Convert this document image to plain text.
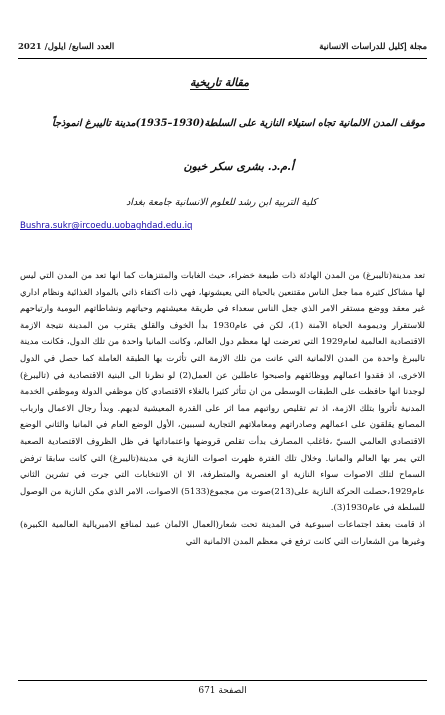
مجلة إكليل للدراسات الانسانية
العدد السابع/ ايلول/ 2021
مقالة تاريخية
موقف المدن الالمانية تجاه استيلاء النازية على السلطة(1930–1935)مدينة تاليبرغ انموذجاً
أ.م.د. بشرى سكر خبون
كلية التربية ابن رشد للعلوم الانسانية جامعة بغداد
Bushra.sukr@ircoedu.uobaghdad.edu.iq

تعد مدينة(تاليبرغ) من المدن الهادئة ذات طبيعة خضراء، حيث الغابات والمتنزهات كما انها تعد من المدن التي ليس لها مشاكل كثيرة مما جعل الناس مقتنعين بالحياة التي يعيشونها، فهي ذات اكتفاء ذاتي بالمواد الغذائية ونظام اداري غير معقد ووضع مستقر الامر الذي جعل الناس سعداء في طريقة معيشتهم وحياتهم ونشاطاتهم اليومية وارتياحهم للاستقرار وديمومة الحياة الآمنة (1)، لكن في عام1930 بدأ الخوف والقلق يقترب من المدينة نتيجة الازمة الاقتصادية العالمية لعام1929 التي تعرضت لها معظم دول العالم، وكانت المانيا واحدة من تلك الدول، فكانت مدينة تاليبرغ واحدة من المدن الالمانية التي عانت من تلك الازمة التي تأثرت بها الطبقة العاملة كما حصل في الدول الاخرى، اذ فقدوا اعمالهم ووظائفهم واصبحوا عاطلين عن العمل(2) لو نظرنا الى البنية الاقتصادية في (تاليبرغ) لوجدنا انها حافظت على الطبقات الوسطى من ان تتأثر كثيرا بالغلاء الاقتصادي كان موظفي الدولة وموظفي الخدمة المدنية تأثروا بتلك الازمة، اذ تم تقليص رواتبهم مما اثر على القدرة المعيشية لديهم. وبدأ رجال الاعمال وارباب المصانع يقلقون على اعمالهم وصادراتهم ومعاملاتهم التجارية لسببين، الأول الوضع العام في المانيا والثاني الوضع الاقتصادي العالمي السيّ ،فاغلب المصارف بدأت تقلص قروضها واعتماداتها في ظل الظروف الاقتصادية الصعبة التي يمر بها العالم والمانيا. وخلال تلك الفترة ظهرت اصوات النازية في مدينة(تاليبرغ) التي كانت سابقا ترفض السماح لتلك الاصوات سواء النازية او العنصرية والمتطرفة، الا ان الانتخابات التي جرت في تشرين الثاني عام1929،حصلت الحركة النازية على(213)صوت من مجموع(5133) الاصوات، الامر الذي مكن النازية من الوصول للسلطة في عام1930(3).

اذ قامت بعقد اجتماعات اسبوعية في المدينة تحت شعار(العمال الالمان عبيد لمنافع الامبريالية العالمية الكبيرة) وغيرها من الشعارات التي كانت ترفع في معظم المدن الالمانية التي

الصفحة 671
